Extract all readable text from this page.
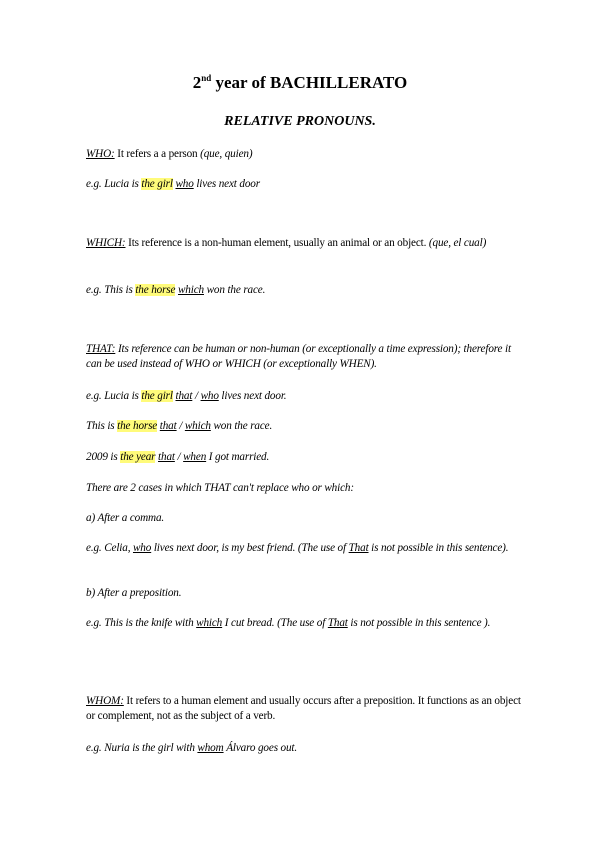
2nd year of BACHILLERATO
RELATIVE PRONOUNS.

WHO: It refers a a person (que, quien)

e.g. Lucia is the girl who lives next door

WHICH: Its reference is a non-human element, usually an animal or an object. (que, el cual)

e.g. This is the horse which won the race.

THAT: Its reference can be human or non-human (or exceptionally a time expression); therefore it can be used instead of WHO or WHICH (or exceptionally WHEN).

e.g. Lucia is the girl that / who lives next door.

This is the horse that / which won the race.

2009 is the year that / when I got married.

There are 2 cases in which THAT can't replace who or which:

a) After a comma.

e.g. Celia, who lives next door, is my best friend. (The use of That is not possible in this sentence).

b) After a preposition.

e.g. This is the knife with which I cut bread. (The use of That is not possible in this sentence ).

WHOM: It refers to a human element and usually occurs after a preposition. It functions as an object or complement, not as the subject of a verb.

e.g. Nuria is the girl with whom Álvaro goes out.
